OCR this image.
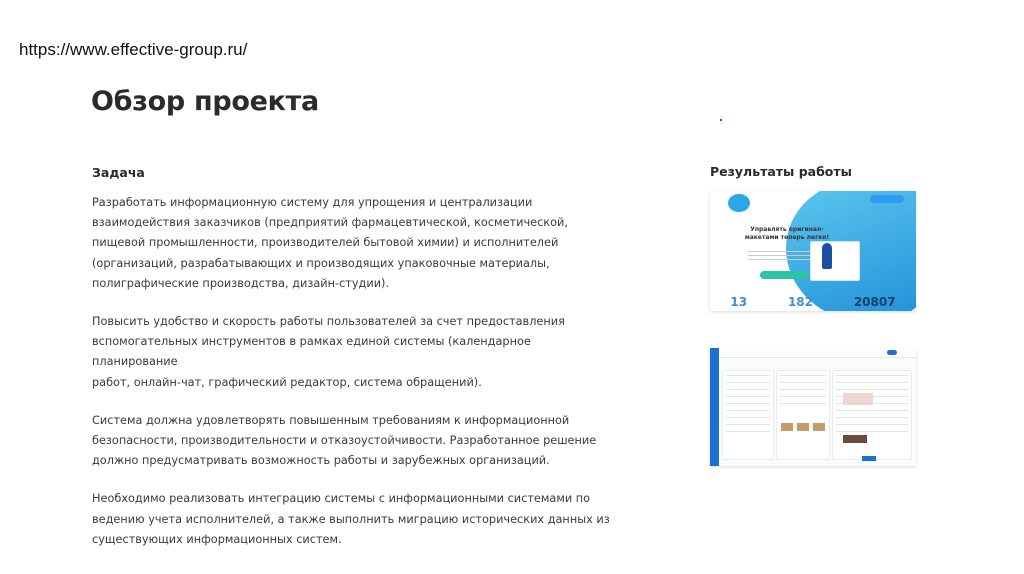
https://www.effective-group.ru/
Обзор проекта
Задача

Разработать информационную систему для упрощения и централизации
взаимодействия заказчиков (предприятий фармацевтической, косметической,
пищевой промышленности, производителей бытовой химии) и исполнителей
(организаций, разрабатывающих и производящих упаковочные материалы,
полиграфические производства, дизайн-студии).

Повысить удобство и скорость работы пользователей за счет предоставления
вспомогательных инструментов в рамках единой системы (календарное планирование
работ, онлайн-чат, графический редактор, система обращений).

Система должна удовлетворять повышенным требованиям к информационной
безопасности, производительности и отказоустойчивости. Разработанное решение
должно предусматривать возможность работы и зарубежных организаций.

Необходимо реализовать интеграцию системы с информационными системами по
ведению учета исполнителей, а также выполнить миграцию исторических данных из
существующих информационных систем.

Результаты работы
Управлять оригинал-макетами теперь легко!
13	182	20807
